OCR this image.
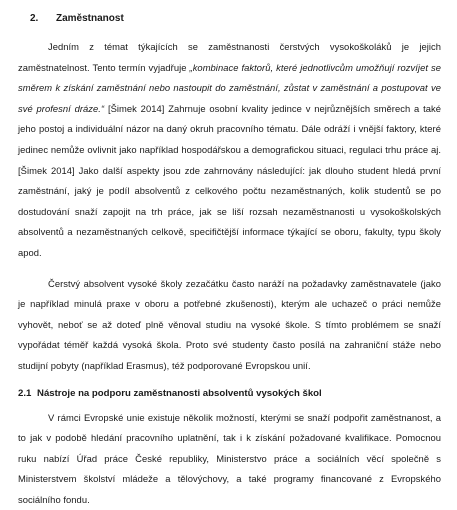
2. Zaměstnanost

Jedním z témat týkajících se zaměstnanosti čerstvých vysokoškoláků je jejich zaměstnatelnost. Tento termín vyjadřuje „kombinace faktorů, které jednotlivcům umožňují rozvíjet se směrem k získání zaměstnání nebo nastoupit do zaměstnání, zůstat v zaměstnání a postupovat ve své profesní dráze.“ [Šimek 2014] Zahrnuje osobní kvality jedince v nejrůznějších směrech a také jeho postoj a individuální názor na daný okruh pracovního tématu. Dále odráží i vnější faktory, které jedinec nemůže ovlivnit jako například hospodářskou a demografickou situaci, regulaci trhu práce aj. [Šimek 2014] Jako další aspekty jsou zde zahrnovány následující: jak dlouho student hledá první zaměstnání, jaký je podíl absolventů z celkového počtu nezaměstnaných, kolik studentů se po dostudování snaží zapojit na trh práce, jak se liší rozsah nezaměstnanosti u vysokoškolských absolventů a nezaměstnaných celkově, specifičtější informace týkající se oboru, fakulty, typu školy apod.

Čerstvý absolvent vysoké školy zezačátku často naráží na požadavky zaměstnavatele (jako je například minulá praxe v oboru a potřebné zkušenosti), kterým ale uchazeč o práci nemůže vyhovět, neboť se až doteď plně věnoval studiu na vysoké škole. S tímto problémem se snaží vypořádat téměř každá vysoká škola. Proto své studenty často posílá na zahraniční stáže nebo studijní pobyty (například Erasmus), též podporované Evropskou unií.

2.1 Nástroje na podporu zaměstnanosti absolventů vysokých škol

V rámci Evropské unie existuje několik možností, kterými se snaží podpořit zaměstnanost, a to jak v podobě hledání pracovního uplatnění, tak i k získání požadované kvalifikace. Pomocnou ruku nabízí Úřad práce České republiky, Ministerstvo práce a sociálních věcí společně s Ministerstvem školství mládeže a tělovýchovy, a také programy financované z Evropského sociálního fondu.
